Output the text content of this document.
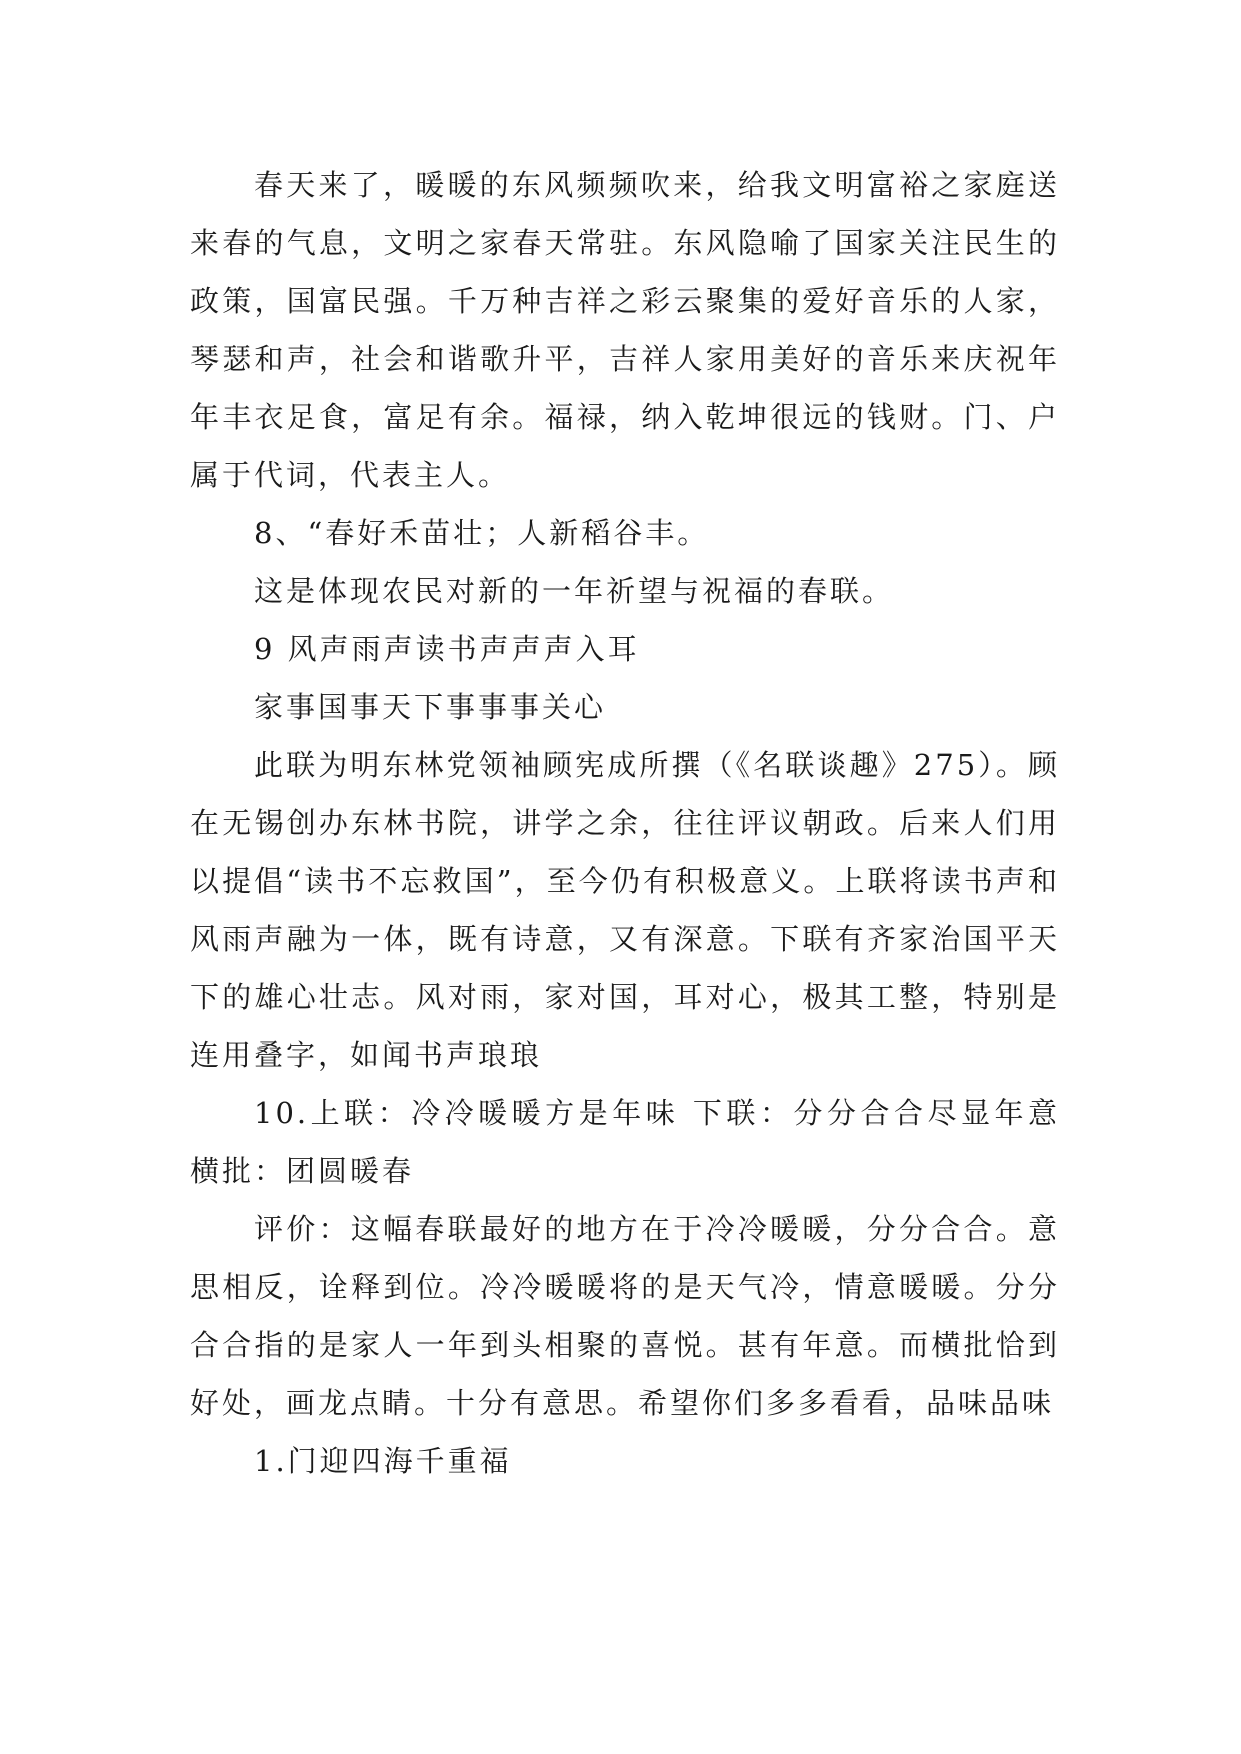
春天来了，暖暖的东风频频吹来，给我文明富裕之家庭送来春的气息，文明之家春天常驻。东风隐喻了国家关注民生的政策，国富民强。千万种吉祥之彩云聚集的爱好音乐的人家，琴瑟和声，社会和谐歌升平，吉祥人家用美好的音乐来庆祝年年丰衣足食，富足有余。福禄，纳入乾坤很远的钱财。门、户属于代词，代表主人。

8、“春好禾苗壮；人新稻谷丰。

这是体现农民对新的一年祈望与祝福的春联。

9 风声雨声读书声声声入耳

家事国事天下事事事关心

此联为明东林党领袖顾宪成所撰（《名联谈趣》275）。顾在无锡创办东林书院，讲学之余，往往评议朝政。后来人们用以提倡“读书不忘救国”，至今仍有积极意义。上联将读书声和风雨声融为一体，既有诗意，又有深意。下联有齐家治国平天下的雄心壮志。风对雨，家对国，耳对心，极其工整，特别是连用叠字，如闻书声琅琅

10.上联：冷冷暖暖方是年味 下联：分分合合尽显年意 横批：团圆暖春

评价：这幅春联最好的地方在于冷冷暖暖，分分合合。意思相反，诠释到位。冷冷暖暖将的是天气冷，情意暖暖。分分合合指的是家人一年到头相聚的喜悦。甚有年意。而横批恰到好处，画龙点睛。十分有意思。希望你们多多看看，品味品味

1.门迎四海千重福
